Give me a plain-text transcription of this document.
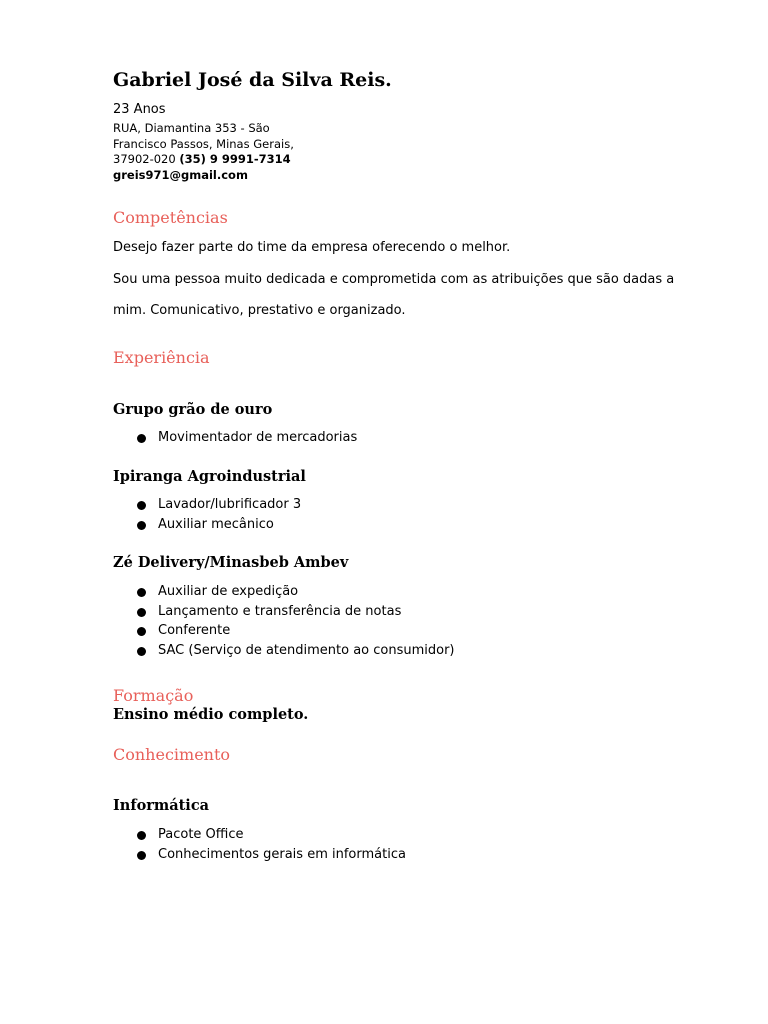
Gabriel José da Silva Reis.
23 Anos
RUA, Diamantina 353 - São
Francisco Passos, Minas Gerais,
37902-020 (35) 9 9991-7314
greis971@gmail.com
Competências

Desejo fazer parte do time da empresa oferecendo o melhor.

Sou uma pessoa muito dedicada e comprometida com as atribuições que são dadas a

mim. Comunicativo, prestativo e organizado.

Experiência
Grupo grão de ouro
Movimentador de mercadorias
Ipiranga Agroindustrial
Lavador/lubrificador 3
Auxiliar mecânico
Zé Delivery/Minasbeb Ambev
Auxiliar de expedição
Lançamento e transferência de notas
Conferente
SAC (Serviço de atendimento ao consumidor)
Formação

Ensino médio completo.

Conhecimento
Informática
Pacote Office
Conhecimentos gerais em informática
